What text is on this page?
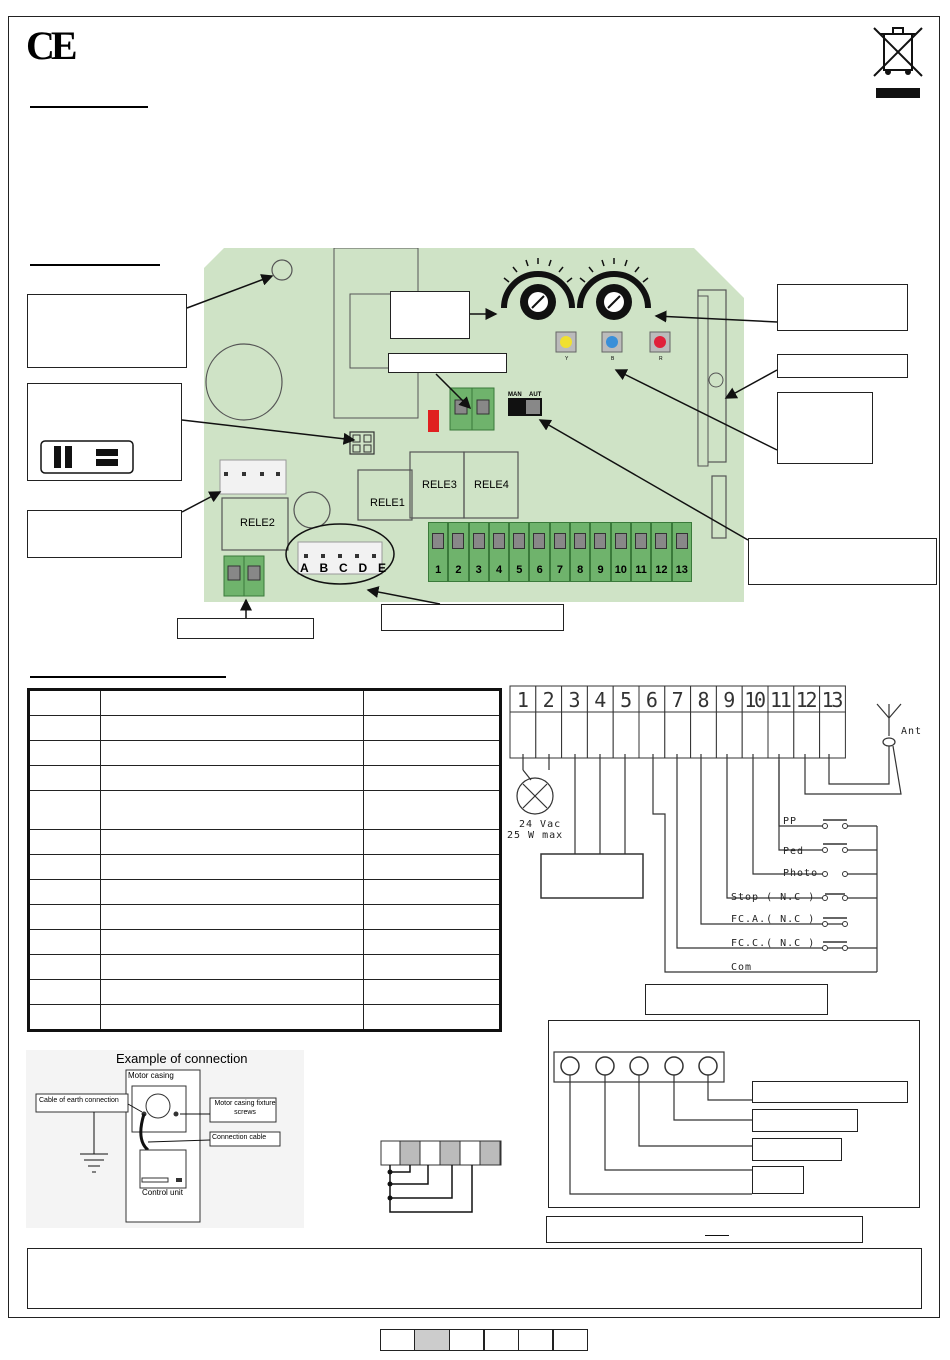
CE
RELE2
RELE1
RELE3 RELE4
MAN AUT
Y	B	R
A B C D E	1	2	3	4	5	6	7	8	9	10 11 12 13

1 2 3 4 5 6 7 8 9 10 11 12 13
24 Vac
25 W max
Ant
PP
Ped
Photo
Stop ( N.C )
FC.A.( N.C )
FC.C.( N.C )
Com
Example of connection
Motor casing
Cable of earth connection	Motor casing fixture screws
Connection cable
Control unit
